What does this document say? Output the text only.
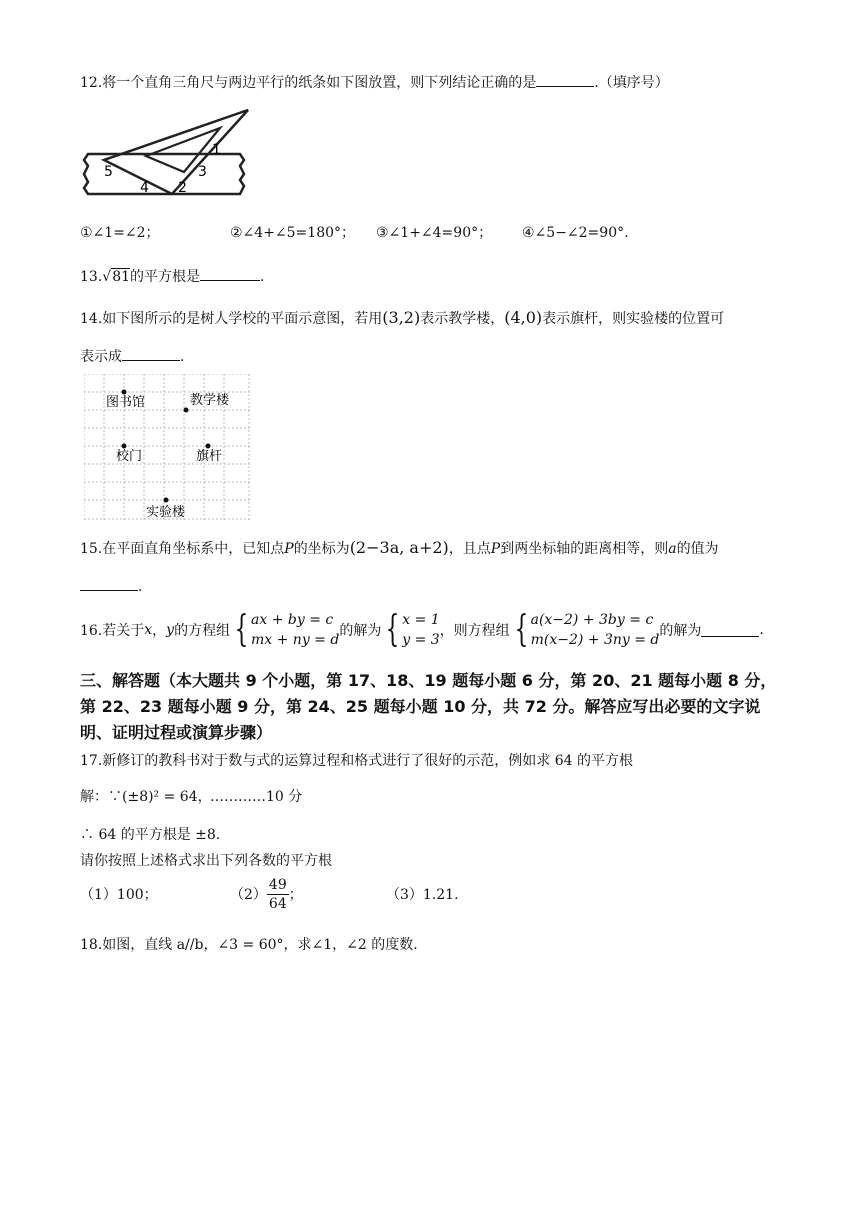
12.将一个直角三角尺与两边平行的纸条如下图放置，则下列结论正确的是	.（填序号）
1
5	3
4 2
①∠1=∠2；	②∠4+∠5=180°； ③∠1+∠4=90°； ④∠5−∠2=90°.
13.√81的平方根是	.
14.如下图所示的是树人学校的平面示意图，若用(3,2)表示教学楼，(4,0)表示旗杆，则实验楼的位置可
表示成	.
图书馆	教学楼
校门	旗杆
实验楼
15.在平面直角坐标系中，已知点P的坐标为(2−3a, a+2)，且点P到两坐标轴的距离相等，则a的值为
.
16.若关于 x ， y 的方程组 { ax + by = c
mx + ny = d
的解为 { x = 1
y = 3
，则方程组 { a(x−2) + 3by = c
m(x−2) + 3ny = d
的解为	.
三、解答题（本大题共 9 个小题，第 17、18、19 题每小题 6 分，第 20、21 题每小题 8 分，
第 22、23 题每小题 9 分，第 24、25 题每小题 10 分，共 72 分。解答应写出必要的文字说
明、证明过程或演算步骤）
17.新修订的教科书对于数与式的运算过程和格式进行了很好的示范，例如求 64 的平方根
解：∵(±8)² = 64，…………10 分
∴ 64 的平方根是 ±8.
请你按照上述格式求出下列各数的平方根
（1）100；	$(2) \frac{49}{64}$ ；	（3）1.21.
18.如图，直线 a//b，∠3 = 60°，求∠1，∠2 的度数.
